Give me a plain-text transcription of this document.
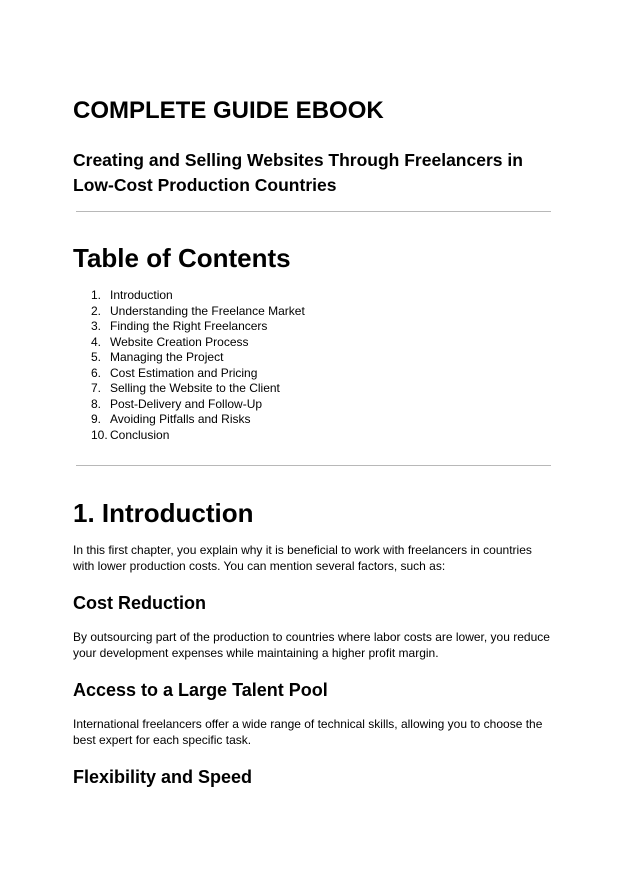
COMPLETE GUIDE EBOOK
Creating and Selling Websites Through Freelancers in Low-Cost Production Countries
Table of Contents
1. Introduction
2. Understanding the Freelance Market
3. Finding the Right Freelancers
4. Website Creation Process
5. Managing the Project
6. Cost Estimation and Pricing
7. Selling the Website to the Client
8. Post-Delivery and Follow-Up
9. Avoiding Pitfalls and Risks
10. Conclusion
1. Introduction

In this first chapter, you explain why it is beneficial to work with freelancers in countries with lower production costs. You can mention several factors, such as:

Cost Reduction

By outsourcing part of the production to countries where labor costs are lower, you reduce your development expenses while maintaining a higher profit margin.

Access to a Large Talent Pool

International freelancers offer a wide range of technical skills, allowing you to choose the best expert for each specific task.

Flexibility and Speed
